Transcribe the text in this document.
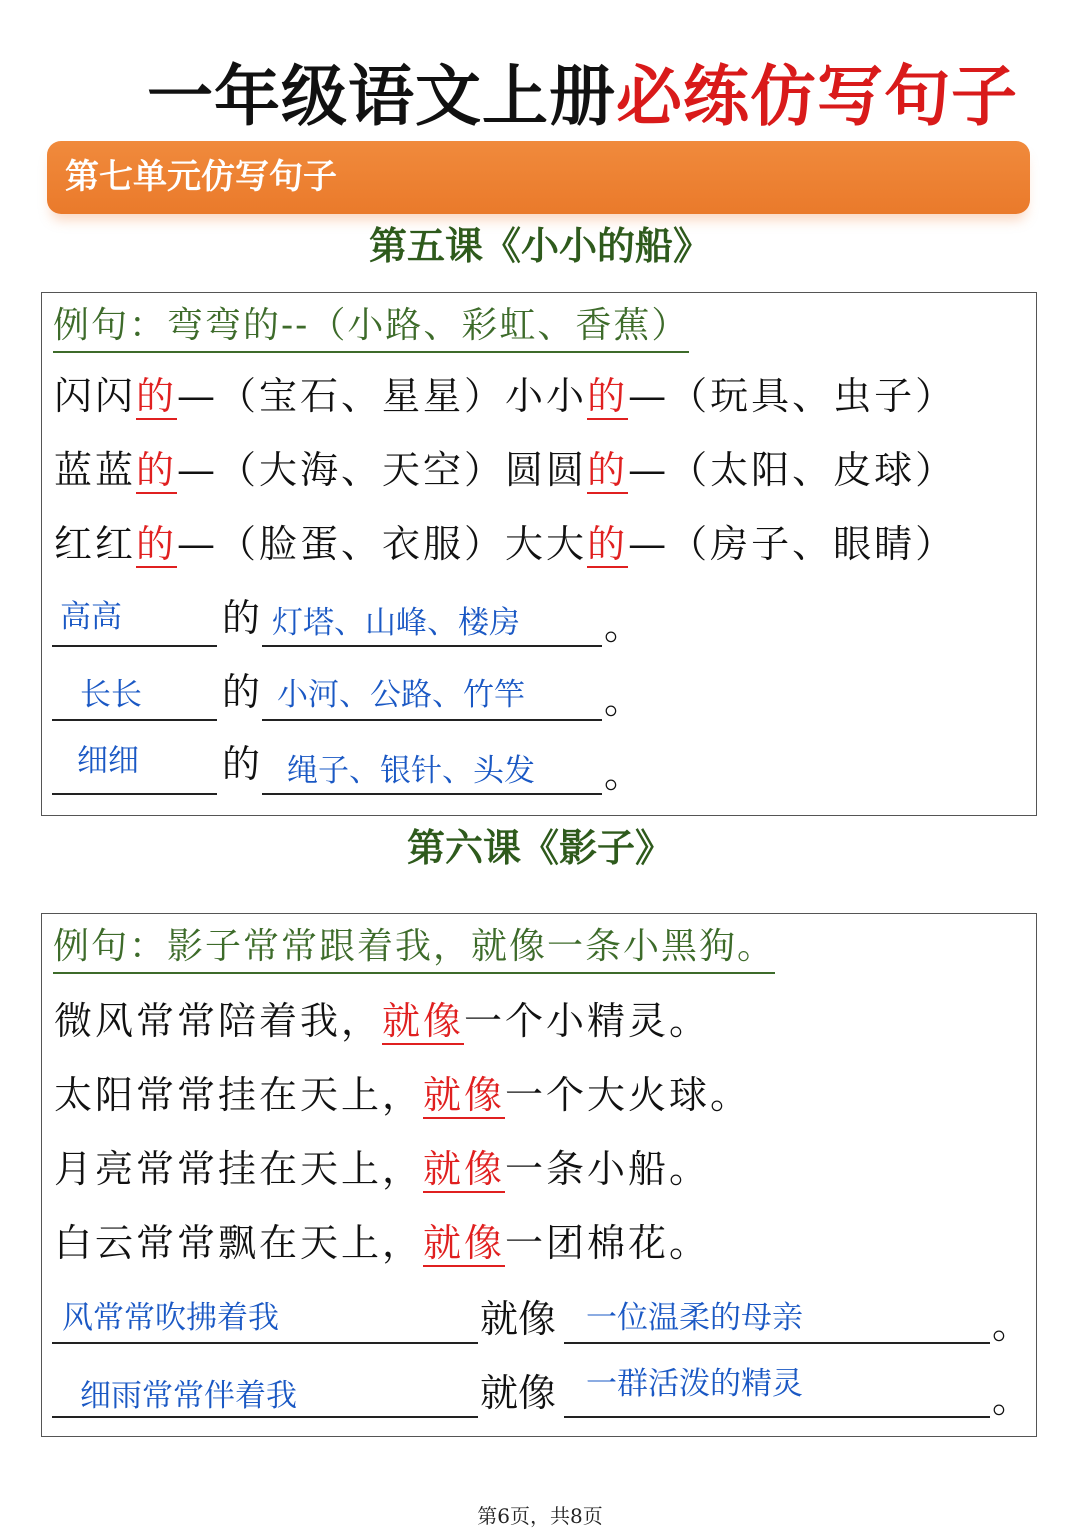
一年级语文上册必练仿写句子
第七单元仿写句子
第五课《小小的船》
例句：弯弯的--（小路、彩虹、香蕉）
闪闪的—（宝石、星星）小小的—（玩具、虫子）
蓝蓝的—（大海、天空）圆圆的—（太阳、皮球）
红红的—（脸蛋、衣服）大大的—（房子、眼睛）
高高	的 灯塔、山峰、楼房 。
长长 的 小河、公路、竹竿 。
细细 的 绳子、银针、头发 。
第六课《影子》
例句：影子常常跟着我，就像一条小黑狗。
微风常常陪着我，就像一个小精灵。
太阳常常挂在天上，就像一个大火球。
月亮常常挂在天上，就像一条小船。
白云常常飘在天上，就像一团棉花。
风常常吹拂着我	就像 一位温柔的母亲	。
细雨常常伴着我	就像 一群活泼的精灵	。
第6页，共8页
